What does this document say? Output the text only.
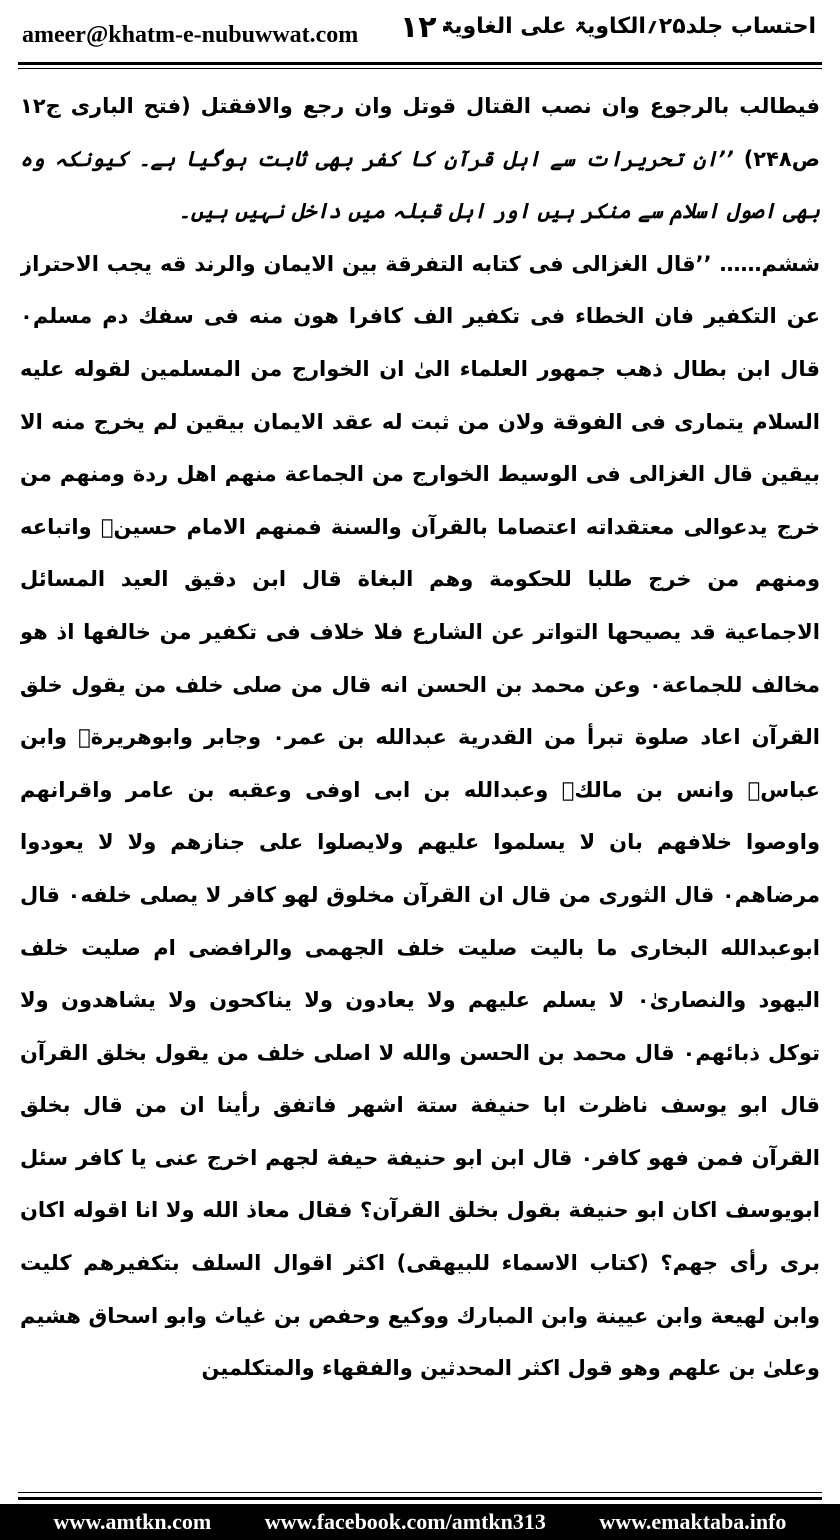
ameer@khatm-e-nubuwwat.com ۱۲۰
احتساب جلد۲۵؍الکاویۃ علی الغاویۃ

فیطالب بالرجوع وان نصب القتال قوتل وان رجع والافقتل (فتح الباری ج۱۲ ص۲۴۸) ’’ان تحریرات سے اہل قرآن کا کفر بھی ثابت ہوگیا ہے۔ کیونکہ وہ بھی اصول اسلام سے منکر ہیں اور اہل قبلہ میں داخل نہیں ہیں۔

ششم…… ’’قال الغزالی فی کتابه التفرقة بین الایمان والرند قه یجب الاحتراز عن التکفیر فان الخطاء فی تکفیر الف کافرا هون منه فی سفك دم مسلم۰ قال ابن بطال ذهب جمهور العلماء الیٰ ان الخوارج من المسلمین لقوله علیه السلام یتماری فی الفوقة ولان من ثبت له عقد الایمان بیقین لم یخرج منه الا بیقین قال الغزالی فی الوسیط الخوارج من الجماعة منهم اهل ردة ومنهم من خرج یدعوالی معتقداته اعتصاما بالقرآن والسنة فمنهم الامام حسینؓ واتباعه ومنهم من خرج طلبا للحکومة وهم البغاة قال ابن دقیق العید المسائل الاجماعیة قد یصیحها التواتر عن الشارع فلا خلاف فی تکفیر من خالفها اذ هو مخالف للجماعة۰ وعن محمد بن الحسن انه قال من صلی خلف من یقول خلق القرآن اعاد صلوة تبرأ من القدریة عبدالله بن عمر۰ وجابر وابوهریرةؓ وابن عباسؓ وانس بن مالكؓ وعبدالله بن ابی اوفی وعقبه بن عامر واقرانهم واوصوا خلافهم بان لا یسلموا علیهم ولایصلوا علی جنازهم ولا لا یعودوا مرضاهم۰ قال الثوری من قال ان القرآن مخلوق لهو کافر لا یصلی خلفه۰ قال ابوعبدالله البخاری ما بالیت صلیت خلف الجهمی والرافضی ام صلیت خلف الیهود والنصاریٰ۰ لا یسلم علیهم ولا یعادون ولا یناکحون ولا یشاهدون ولا توکل ذبائهم۰ قال محمد بن الحسن والله لا اصلی خلف من یقول بخلق القرآن قال ابو یوسف ناظرت ابا حنیفة ستة اشهر فاتفق رأینا ان من قال بخلق القرآن فمن فهو کافر۰ قال ابن ابو حنیفة حیفة لجهم اخرج عنی یا کافر سئل ابویوسف اکان ابو حنیفة بقول بخلق القرآن؟ فقال معاذ الله ولا انا اقوله اکان بری رأی جهم؟ (کتاب الاسماء للبیهقی) اکثر اقوال السلف بتکفیرهم کلیت وابن لهیعة وابن عیینة وابن المبارك ووکیع وحفص بن غیاث وابو اسحاق هشیم وعلیٰ بن علهم وهو قول اکثر المحدثین والفقهاء والمتکلمین

www.amtkn.com www.facebook.com/amtkn313 www.emaktaba.info
